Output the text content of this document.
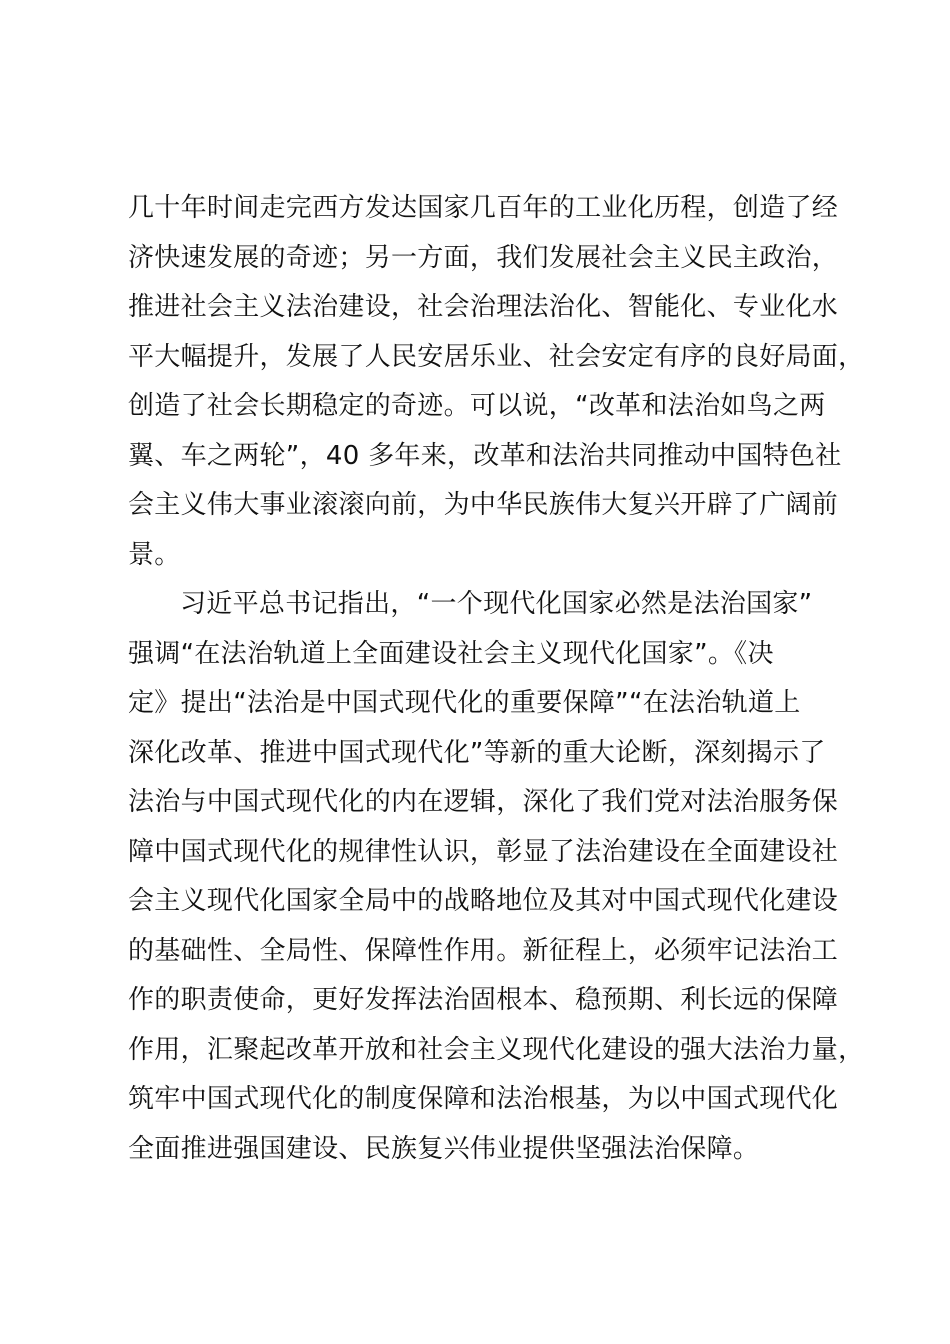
几十年时间走完西方发达国家几百年的工业化历程，创造了经
济快速发展的奇迹；另一方面，我们发展社会主义民主政治，
推进社会主义法治建设，社会治理法治化、智能化、专业化水
平大幅提升，发展了人民安居乐业、社会安定有序的良好局面，
创造了社会长期稳定的奇迹。可以说，“改革和法治如鸟之两
翼、车之两轮”，40 多年来，改革和法治共同推动中国特色社
会主义伟大事业滚滚向前，为中华民族伟大复兴开辟了广阔前
景。
习近平总书记指出，“一个现代化国家必然是法治国家”
强调“在法治轨道上全面建设社会主义现代化国家”。《决
定》提出“法治是中国式现代化的重要保障”“在法治轨道上
深化改革、推进中国式现代化”等新的重大论断，深刻揭示了
法治与中国式现代化的内在逻辑，深化了我们党对法治服务保
障中国式现代化的规律性认识，彰显了法治建设在全面建设社
会主义现代化国家全局中的战略地位及其对中国式现代化建设
的基础性、全局性、保障性作用。新征程上，必须牢记法治工
作的职责使命，更好发挥法治固根本、稳预期、利长远的保障
作用，汇聚起改革开放和社会主义现代化建设的强大法治力量，
筑牢中国式现代化的制度保障和法治根基，为以中国式现代化
全面推进强国建设、民族复兴伟业提供坚强法治保障。
